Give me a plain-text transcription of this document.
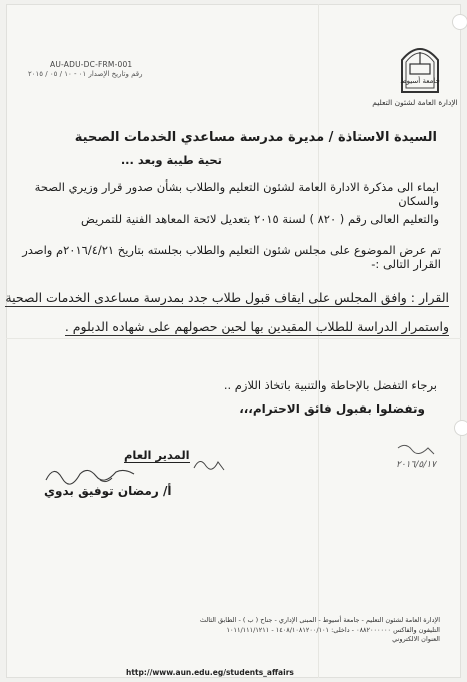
جامعة أسيوط
الإدارة العامة لشئون التعليم
AU-ADU-DC-FRM-001
رقم وتاريخ الإصدار ٠١ - ١٠ / ٠٥ / ٢٠١٥
السيدة الاستاذة / مديرة مدرسة مساعدي الخدمات الصحية
تحية طيبة وبعد ...
ايماء الى مذكرة الادارة العامة لشئون التعليم والطلاب بشأن صدور قرار وزيري الصحة والسكان
والتعليم العالى رقم ( ٨٢٠ ) لسنة ٢٠١٥ بتعديل لائحة المعاهد الفنية للتمريض
تم عرض الموضوع على مجلس شئون التعليم والطلاب بجلسته بتاريخ ٢٠١٦/٤/٢١م واصدر القرار التالى :-
القرار : وافق المجلس على ايقاف قبول طلاب جدد بمدرسة مساعدى الخدمات الصحية
واستمرار الدراسة للطلاب المقيدين بها لحين حصولهم على شهاده الدبلوم .
برجاء التفضل بالإحاطة والتنبية باتخاذ اللازم ..
وتفضلوا بقبول فائق الاحترام،،،
٢٠١٦/٥/١٧
المدير العام
أ/ رمضان توفيق بدوي
الإدارة العامة لشئون التعليم - جامعة أسيوط - المبنى الإداري - جناح ( ب ) - الطابق الثالث
التليفون والفاكس ٠٨٨٢٠٠٠٠٠٠ - داخلى: ١٤٠٨/١٠٨١٢٠٠/١٠١ - ١٠١١/١١١/١٢١١
العنوان الالكتروني
http://www.aun.edu.eg/students_affairs
